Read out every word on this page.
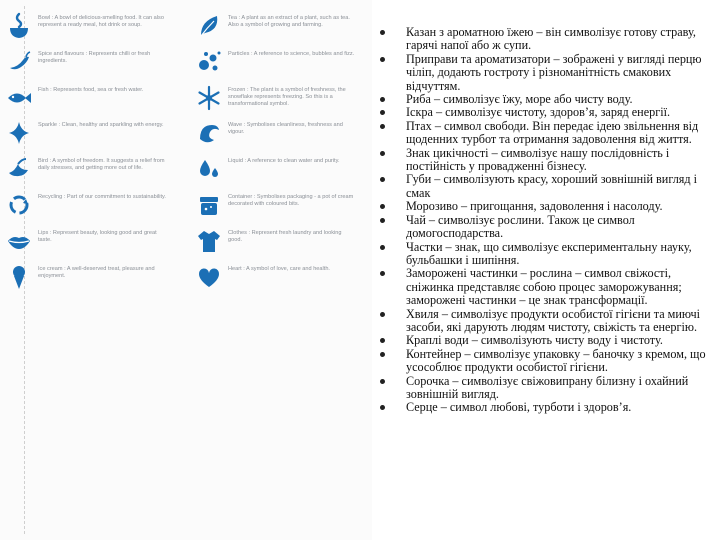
Bowl : A bowl of delicious-smelling food. It can also represent a ready meal, hot drink or soup.
Spice and flavours : Represents chilli or fresh ingredients.
Fish : Represents food, sea or fresh water.
Sparkle : Clean, healthy and sparkling with energy.
Bird : A symbol of freedom. It suggests a relief from daily stresses, and getting more out of life.
Recycling : Part of our commitment to sustainability.
Lips : Represent beauty, looking good and great taste.
Ice cream : A well-deserved treat, pleasure and enjoyment.
Tea : A plant as an extract of a plant, such as tea. Also a symbol of growing and farming.
Particles : A reference to science, bubbles and fizz.
Frozen : The plant is a symbol of freshness, the snowflake represents freezing. So this is a transformational symbol.
Wave : Symbolises cleanliness, freshness and vigour.
Liquid : A reference to clean water and purity.
Container : Symbolises packaging - a pot of cream decorated with coloured bits.
Clothes : Represent fresh laundry and looking good.
Heart : A symbol of love, care and health.
Казан з ароматною їжею – він символізує готову страву, гарячі напої або ж супи.
Приправи та ароматизатори – зображені у вигляді перцю чіліп, додають гостроту і різноманітність смакових відчуттям.
Риба – символізує їжу, море або чисту воду.
Іскра – символізує чистоту, здоров’я, заряд енергії.
Птах – символ свободи. Він передає ідею звільнення від щоденних турбот та отримання задоволення від життя.
Знак цикічності – символізує нашу послідовність і постійність у провадженні бізнесу.
Губи – символізують красу, хороший зовнішній вигляд і смак
Морозиво – пригощання, задоволення і насолоду.
Чай – символізує рослини. Також це символ домогосподарства.
Частки – знак, що символізує експериментальну науку, бульбашки і шипіння.
Заморожені частинки – рослина – символ свіжості, сніжинка представляє собою процес заморожування; заморожені частинки – це знак трансформації.
Хвиля – символізує продукти особистої гігієни та миючі засоби, які дарують людям чистоту, свіжість та енергію.
Краплі води – символізують чисту воду і чистоту.
Контейнер – символізує упаковку – баночку з кремом, що усособлює продукти особистої гігієни.
Сорочка – символізує свіжовипрану білизну і охайний зовнішній вигляд.
Серце – символ любові, турботи і здоров’я.
